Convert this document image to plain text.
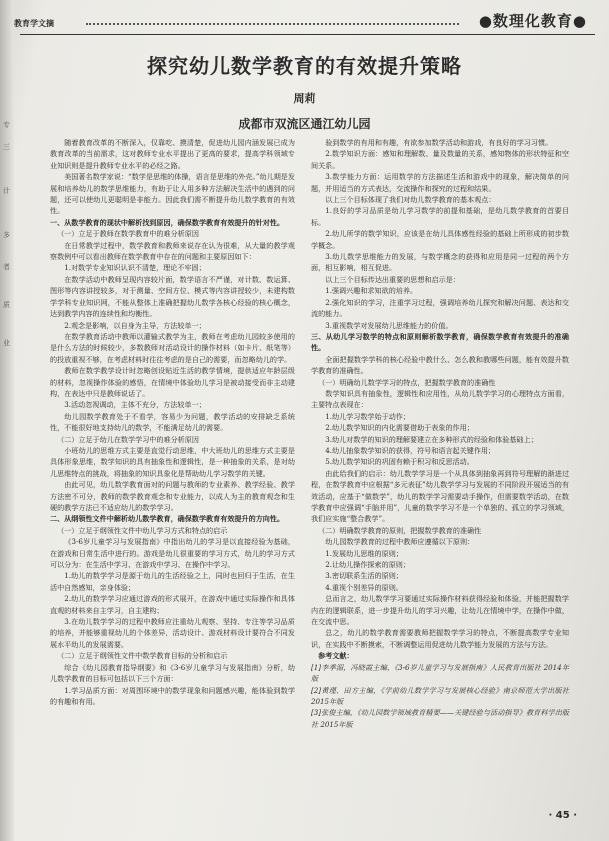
教育学文摘	●数理化教育●
探究幼儿数学教育的有效提升策略
周莉
成都市双流区通江幼儿园

随着教育改革的不断深入，仅靠吃、摸清楚，促进幼儿园内涵发展已成为教育改革的当前需求，这对教师专业水平提出了更高的要求，提高学科领域专业知识则是提升教师专业水平的必经之路。

美国著名数学家说：“数学是思维的体操，语言是思维的外壳。”幼儿期是发展和培养幼儿的数学思维能力，有助于让人用多种方法解决生活中的遇到的问题，还可以使幼儿更聪明是非能力。因此我们需不断提升幼儿数学教育的有效性。

一、从数学教育的现状中解析找到原因，确保数学教育有效提升的针对性。

（一）立足于教师在数学教育中的难分析原因

在日常教学过程中，数学教育和教师来说存在认为很难，从大量的教学观察数例中可以看出教师在数学教育中存在的问题和主要原因如下：

1.对数学专业知识认识不清楚，理论不牢固；

在数学活动中教师呈现内容较片面，数学语言不严谨，对计数、数运算、图形等内容讲授较多，对于测量、空间方位、模式等内容讲授较少，未建构数学学科专业知识网，不能从整体上准确把握幼儿数学各核心经验的核心概念，达到教学内容的连续性和均衡性。

2.观念是影响，以自身为主导，方法较单一；

在数学教育活动中教师以灌输式教学为主，教师在考虑幼儿园较多使用的是什么方法的时候较少，多数教师对活动设计的操作材料（如卡片、纸笔等）的投放重视不够，在考虑材料时往往考虑的是自己的需要，而忽略幼儿的学。

教师在数学教学设计时忽略创设贴近生活的教学情境，提供适应年龄层级的材料，忽视操作体验的感悟，在情境中体验幼儿学习是被动接受而非主动建构，在表达中只是教师说话了。

3.活动忽视调动，主体不充分，方法较单一；

幼儿园数学教育处于不看学，容易少为问题，教学活动的安排缺乏系统性，不能很好地支持幼儿的数学，不能满足幼儿的需要。

（二）立足于幼儿在数学学习中的难分析原因

小班幼儿的思维方式主要是直觉行动思维，中大班幼儿的思维方式主要是具体形象思维，数学知识的具有抽象性和逻辑性，是一种抽象的关系，是对幼儿思维特点的挑战，将抽象的知识具象化是帮助幼儿学习数学的关键。

由此可见，幼儿数学教育面对的问题与教师的专业素养、教学经验、教学方法密不可分，教师的数学教育观念和专业能力，以成人为主的教育观念和生硬的教学方法已不适应幼儿的数学学习。

二、从纲领性文件中解析幼儿数学教育，确保数学教育有效提升的方向性。

（一）立足于纲领性文件中幼儿学习方式和特点的启示

《3-6岁儿童学习与发展指南》中指出幼儿的学习是以直接经验为基础，在游戏和日常生活中进行的。游戏是幼儿很重要的学习方式，幼儿的学习方式可以分为：在生活中学习、在游戏中学习、在操作中学习。

1.幼儿的数学学习是源于幼儿的生活经验之上，同时也回归于生活，在生活中自然感知，亲身体验；

2.幼儿的数学学习应通过游戏的形式展开，在游戏中通过实际操作和具体直观的材料来自主学习，自主建构；

3.在幼儿数学学习的过程中教师应注重幼儿观察、坚持、专注等学习品质的培养，并能够重视幼儿的个体差异，活动设计、游戏材料设计要符合不同发展水平幼儿的发展需要。

（二）立足于纲领性文件中数学教育目标的分析和启示

综合《幼儿园教育指导纲要》和《3-6岁儿童学习与发展指南》分析，幼儿数学教育的目标可包括以下三个方面：

1.学习品质方面：对周围环境中的数学现象和问题感兴趣，能体验到数学的有趣和有用。

验到数学的有用和有趣，有欲参加数学活动和游戏，有良好的学习习惯。

2.数学知识方面：感知和理解数、量及数量的关系，感知物体的形状特征和空间关系。

3.数学能力方面：运用数学的方法描述生活和游戏中的现象，解决简单的问题，并用适当的方式表达，交流操作和探究的过程和结果。

以上三个目标体现了我们对幼儿数学教育的基本观点：

1.良好的学习品质是幼儿学习数学的前提和基础，是幼儿数学教育的首要目标。

2.幼儿所学的数学知识，应该是在幼儿具体感性经验的基础上所形成的初步数学概念。

3.幼儿数学思维能力的发展，与数学概念的获得和应用是同一过程的两个方面，相互影响，相互促进。

以上三个目标传达出重要的思想和启示是：

1.强调兴趣和求知欲的培养。

2.强化知识的学习，注重学习过程，强调培养幼儿探究和解决问题、表达和交流的能力。

3.重视数学对发展幼儿思维能力的价值。

三、从幼儿学习数学的特点和原则解析数学教育，确保数学教育有效提升的准确性。

全面把握数学学科的核心经验中教什么、怎么教和教哪些问题，能有效提升数学教育的准确性。

（一）明确幼儿数学学习的特点，把握数学教育的准确性

数学知识具有抽象性，逻辑性和应用性，从幼儿数学学习的心理特点方面看，主要特点表现在：

1.幼儿学习数学始于动作；

2.幼儿数学知识的内化需要借助于表象的作用；

3.幼儿对数学的知识的理解要建立在多种形式的经验和体验基础上；

4.幼儿抽象数学知识的获得，符号和语言起关键作用；

5.幼儿数学知识的巩固有赖于积习和反思活动。

由此给我们的启示：幼儿数学学习是一个从具体到抽象再到符号理解的渐进过程，在数学教育中应根据“多元表征”幼儿数学学习与发展的不同阶段开展适当的有效活动，应基于“做数学”，幼儿的数学学习需要动手操作，但需要数学活动，在数学教育中应强调“手脑并用”，儿童的数学学习不是一个单独的、孤立的学习领域，我们应实施“整合教学”。

（二）明确数学教育的原则，把握数学教育的准确性

幼儿园数学教育的过程中教师应遵循以下原则：

1.发展幼儿思维的原则；

2.让幼儿操作探索的原则；

3.密切联系生活的原则；

4.重视个别差异的原则。

总而言之，幼儿数学学习要通过实际操作材料获得经验和体验，并能把握数学内在的逻辑联系，进一步提升幼儿的学习兴趣，让幼儿在情境中学，在操作中做，在交流中思。

总之，幼儿的数学教育需要教师把握数学学习的特点，不断提高数学专业知识，在实践中不断摸索，不断调整运用促进幼儿数学能力发展的方法与方法。

参考文献：

[1]李季湄，冯晓霞主编，《3-6岁儿童学习与发展指南》人民教育出版社 2014年版

[2]黄瑾、田方主编，《学前幼儿数学学习与发展核心经验》南京师范大学出版社 2015年版

[3]张俊主编，《幼儿园数学领域教育精要——关键经验与活动指导》教育科学出版社 2015年版

专
三
计
多
者
质
业
· 45 ·
